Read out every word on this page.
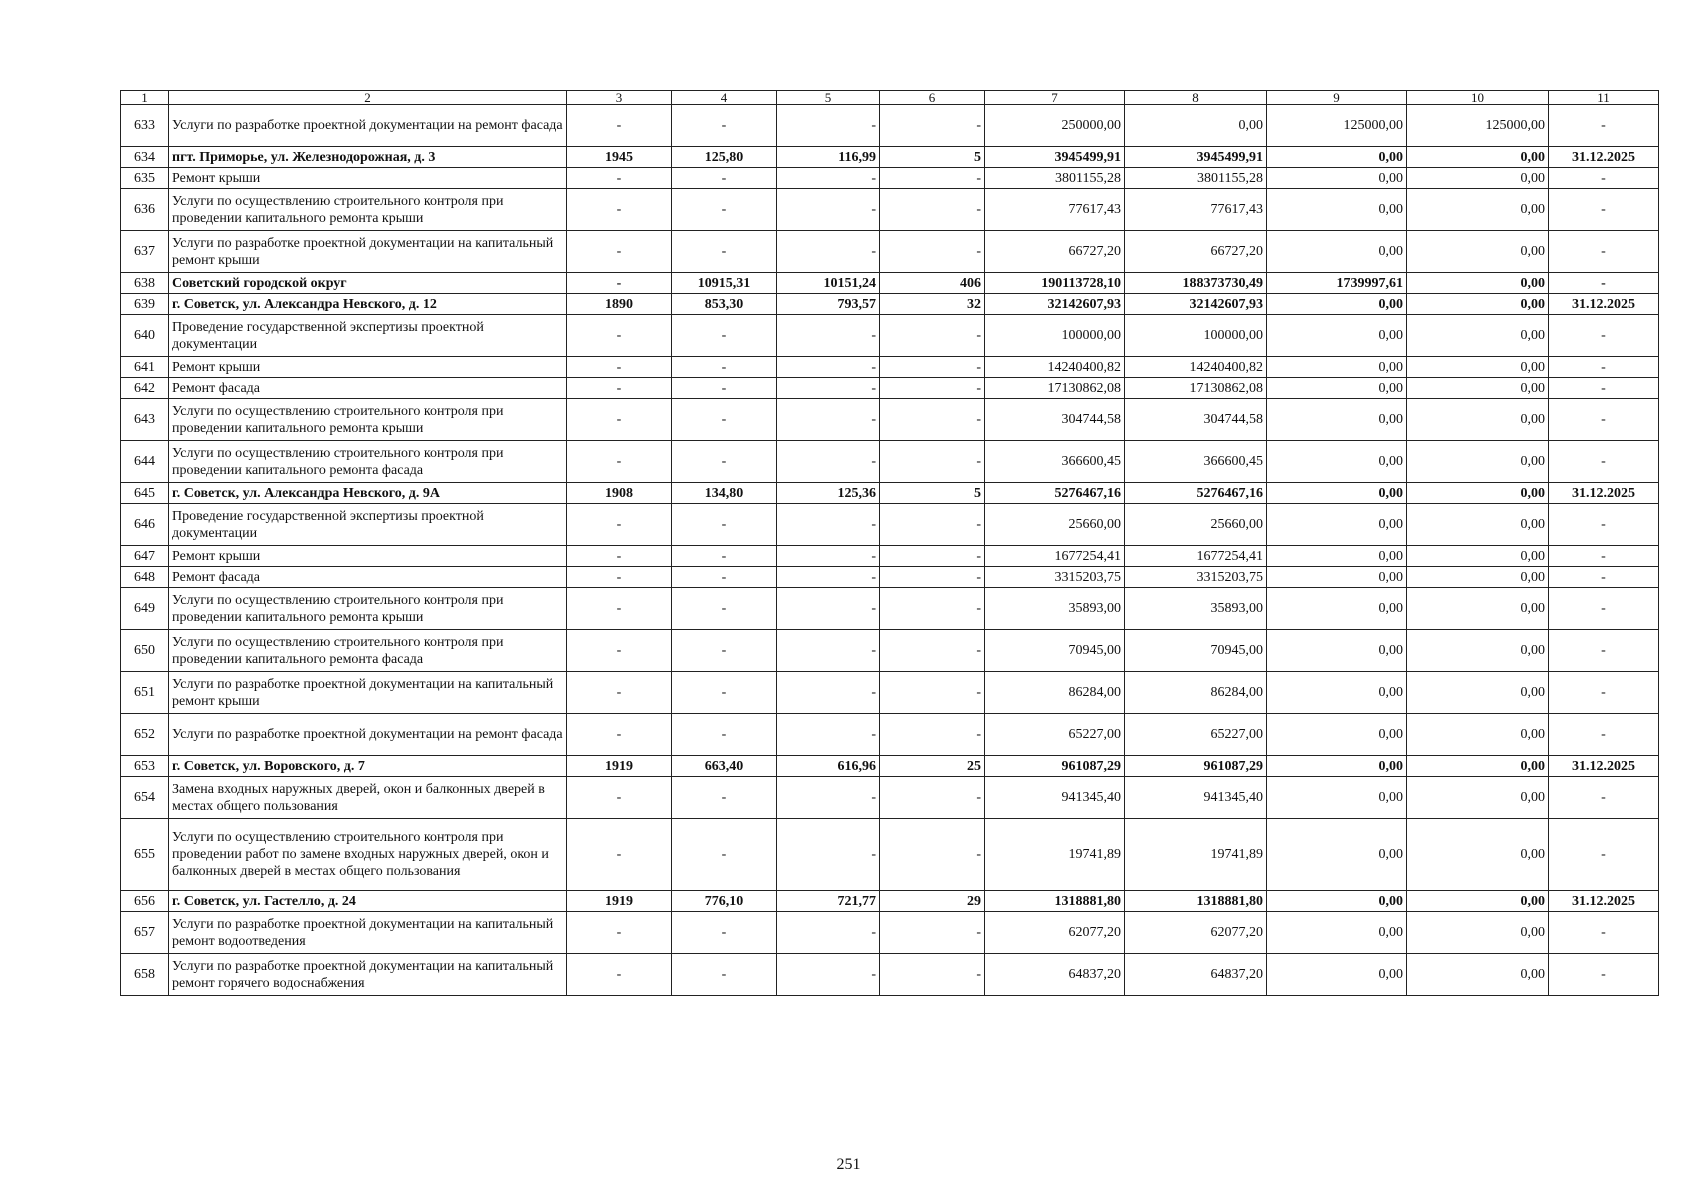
1	2	3	4	5	6	7	8	9	10	11
633	Услуги по разработке проектной документации на ремонт фасада	-	-	-	-	250000,00	0,00	125000,00	125000,00	-
634	пгт. Приморье, ул. Железнодорожная, д. 3	1945	125,80	116,99	5	3945499,91	3945499,91	0,00	0,00	31.12.2025
635	Ремонт крыши	-	-	-	-	3801155,28	3801155,28	0,00	0,00	-
636	Услуги по осуществлению строительного контроля при проведении капитального ремонта крыши	-	-	-	-	77617,43	77617,43	0,00	0,00	-
637	Услуги по разработке проектной документации на капитальный ремонт крыши	-	-	-	-	66727,20	66727,20	0,00	0,00	-
638	Советский городской округ	-	10915,31	10151,24	406	190113728,10	188373730,49	1739997,61	0,00	-
639	г. Советск, ул. Александра Невского, д. 12	1890	853,30	793,57	32	32142607,93	32142607,93	0,00	0,00	31.12.2025
640	Проведение государственной экспертизы проектной документации	-	-	-	-	100000,00	100000,00	0,00	0,00	-
641	Ремонт крыши	-	-	-	-	14240400,82	14240400,82	0,00	0,00	-
642	Ремонт фасада	-	-	-	-	17130862,08	17130862,08	0,00	0,00	-
643	Услуги по осуществлению строительного контроля при проведении капитального ремонта крыши	-	-	-	-	304744,58	304744,58	0,00	0,00	-
644	Услуги по осуществлению строительного контроля при проведении капитального ремонта фасада	-	-	-	-	366600,45	366600,45	0,00	0,00	-
645	г. Советск, ул. Александра Невского, д. 9А	1908	134,80	125,36	5	5276467,16	5276467,16	0,00	0,00	31.12.2025
646	Проведение государственной экспертизы проектной документации	-	-	-	-	25660,00	25660,00	0,00	0,00	-
647	Ремонт крыши	-	-	-	-	1677254,41	1677254,41	0,00	0,00	-
648	Ремонт фасада	-	-	-	-	3315203,75	3315203,75	0,00	0,00	-
649	Услуги по осуществлению строительного контроля при проведении капитального ремонта крыши	-	-	-	-	35893,00	35893,00	0,00	0,00	-
650	Услуги по осуществлению строительного контроля при проведении капитального ремонта фасада	-	-	-	-	70945,00	70945,00	0,00	0,00	-
651	Услуги по разработке проектной документации на капитальный ремонт крыши	-	-	-	-	86284,00	86284,00	0,00	0,00	-
652	Услуги по разработке проектной документации на ремонт фасада	-	-	-	-	65227,00	65227,00	0,00	0,00	-
653	г. Советск, ул. Воровского, д. 7	1919	663,40	616,96	25	961087,29	961087,29	0,00	0,00	31.12.2025
654	Замена входных наружных дверей, окон и балконных дверей в местах общего пользования	-	-	-	-	941345,40	941345,40	0,00	0,00	-
655	Услуги по осуществлению строительного контроля при проведении работ по замене входных наружных дверей, окон и балконных дверей в местах общего пользования	-	-	-	-	19741,89	19741,89	0,00	0,00	-
656	г. Советск, ул. Гастелло, д. 24	1919	776,10	721,77	29	1318881,80	1318881,80	0,00	0,00	31.12.2025
657	Услуги по разработке проектной документации на капитальный ремонт водоотведения	-	-	-	-	62077,20	62077,20	0,00	0,00	-
658	Услуги по разработке проектной документации на капитальный ремонт горячего водоснабжения	-	-	-	-	64837,20	64837,20	0,00	0,00	-
251
